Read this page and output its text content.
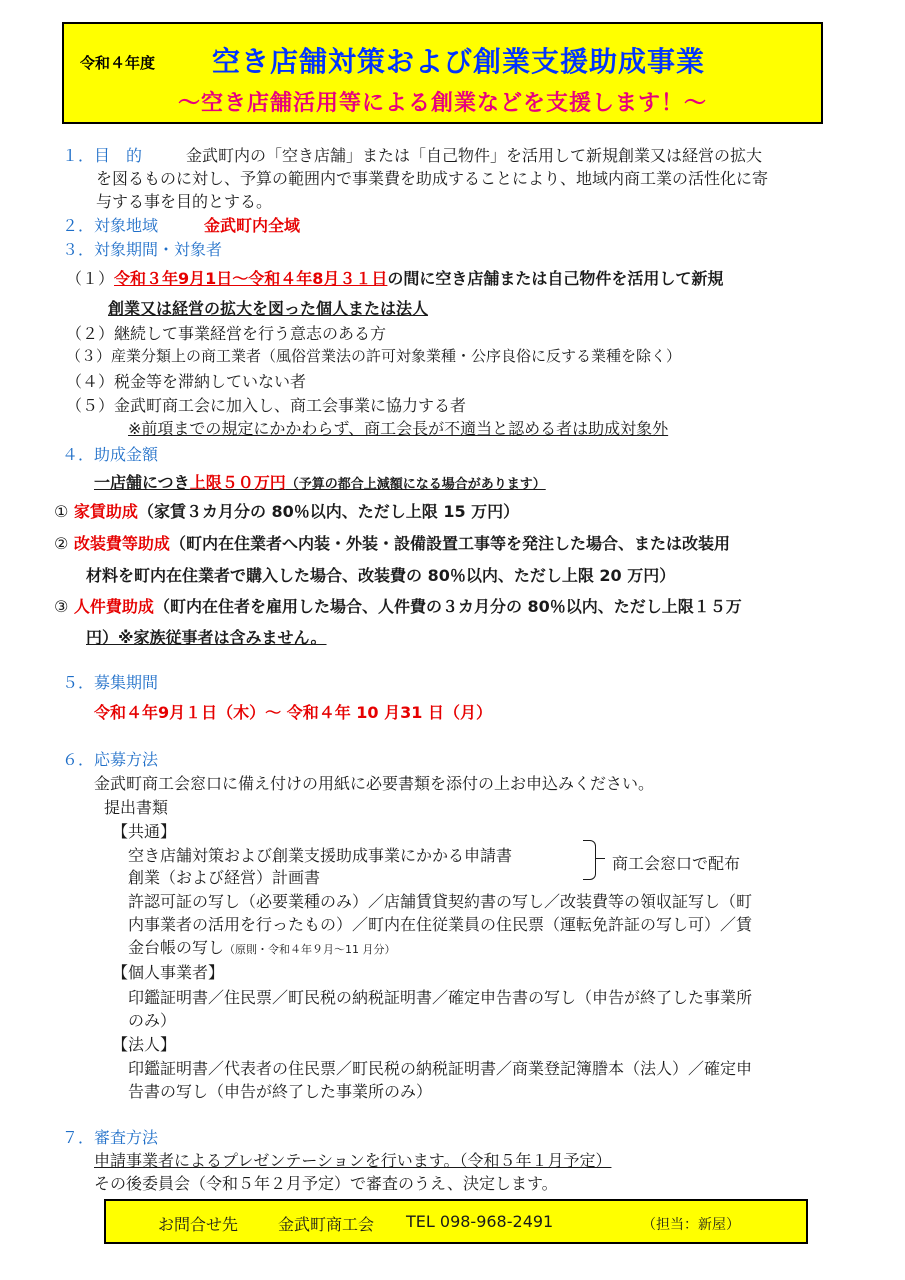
令和４年度 空き店舗対策および創業支援助成事業
～空き店舗活用等による創業などを支援します！～
１．目　的	金武町内の「空き店舗」または「自己物件」を活用して新規創業又は経営の拡大
を図るものに対し、予算の範囲内で事業費を助成することにより、地域内商工業の活性化に寄
与する事を目的とする。
２．対象地域	金武町内全域
３．対象期間・対象者
（１）令和３年9月1日～令和４年8月３１日の間に空き店舗または自己物件を活用して新規
創業又は経営の拡大を図った個人または法人
（２）継続して事業経営を行う意志のある方
（３）産業分類上の商工業者（風俗営業法の許可対象業種・公序良俗に反する業種を除く）
（４）税金等を滞納していない者
（５）金武町商工会に加入し、商工会事業に協力する者
※前項までの規定にかかわらず、商工会長が不適当と認める者は助成対象外
４．助成金額
一店舗につき上限５０万円（予算の都合上減額になる場合があります）
① 家賃助成（家賃３カ月分の 80％以内、ただし上限 15 万円）
② 改装費等助成（町内在住業者へ内装・外装・設備設置工事等を発注した場合、または改装用
材料を町内在住業者で購入した場合、改装費の 80％以内、ただし上限 20 万円）
③ 人件費助成（町内在住者を雇用した場合、人件費の３カ月分の 80％以内、ただし上限１５万
円）※家族従事者は含みません。
５．募集期間
令和４年9月１日（木）～ 令和４年 10 月31 日（月）
６．応募方法
金武町商工会窓口に備え付けの用紙に必要書類を添付の上お申込みください。
提出書類
【共通】
空き店舗対策および創業支援助成事業にかかる申請書
創業（および経営）計画書
商工会窓口で配布
許認可証の写し（必要業種のみ）／店舗賃貸契約書の写し／改装費等の領収証写し（町
内事業者の活用を行ったもの）／町内在住従業員の住民票（運転免許証の写し可）／賃
金台帳の写し（原則・令和４年９月～11 月分）
【個人事業者】
印鑑証明書／住民票／町民税の納税証明書／確定申告書の写し（申告が終了した事業所
のみ）
【法人】
印鑑証明書／代表者の住民票／町民税の納税証明書／商業登記簿謄本（法人）／確定申
告書の写し（申告が終了した事業所のみ）
７．審査方法
申請事業者によるプレゼンテーションを行います。（令和５年１月予定）
その後委員会（令和５年２月予定）で審査のうえ、決定します。
お問合せ先 金武町商工会 TEL 098-968-2491	（担当：新屋）
